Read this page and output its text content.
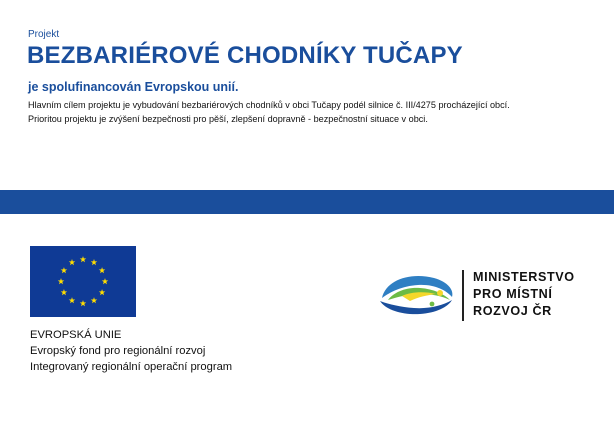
Projekt
BEZBARIÉROVÉ CHODNÍKY TUČAPY
je spolufinancován Evropskou unií.
Hlavním cílem projektu je vybudování bezbariérových chodníků v obci Tučapy podél silnice č. III/4275 procházející obcí.
Prioritou projektu je zvýšení bezpečnosti pro pěší, zlepšení dopravně - bezpečnostní situace v obci.
EVROPSKÁ UNIE
Evropský fond pro regionální rozvoj
Integrovaný regionální operační program
MINISTERSTVO
PRO MÍSTNÍ
ROZVOJ ČR
